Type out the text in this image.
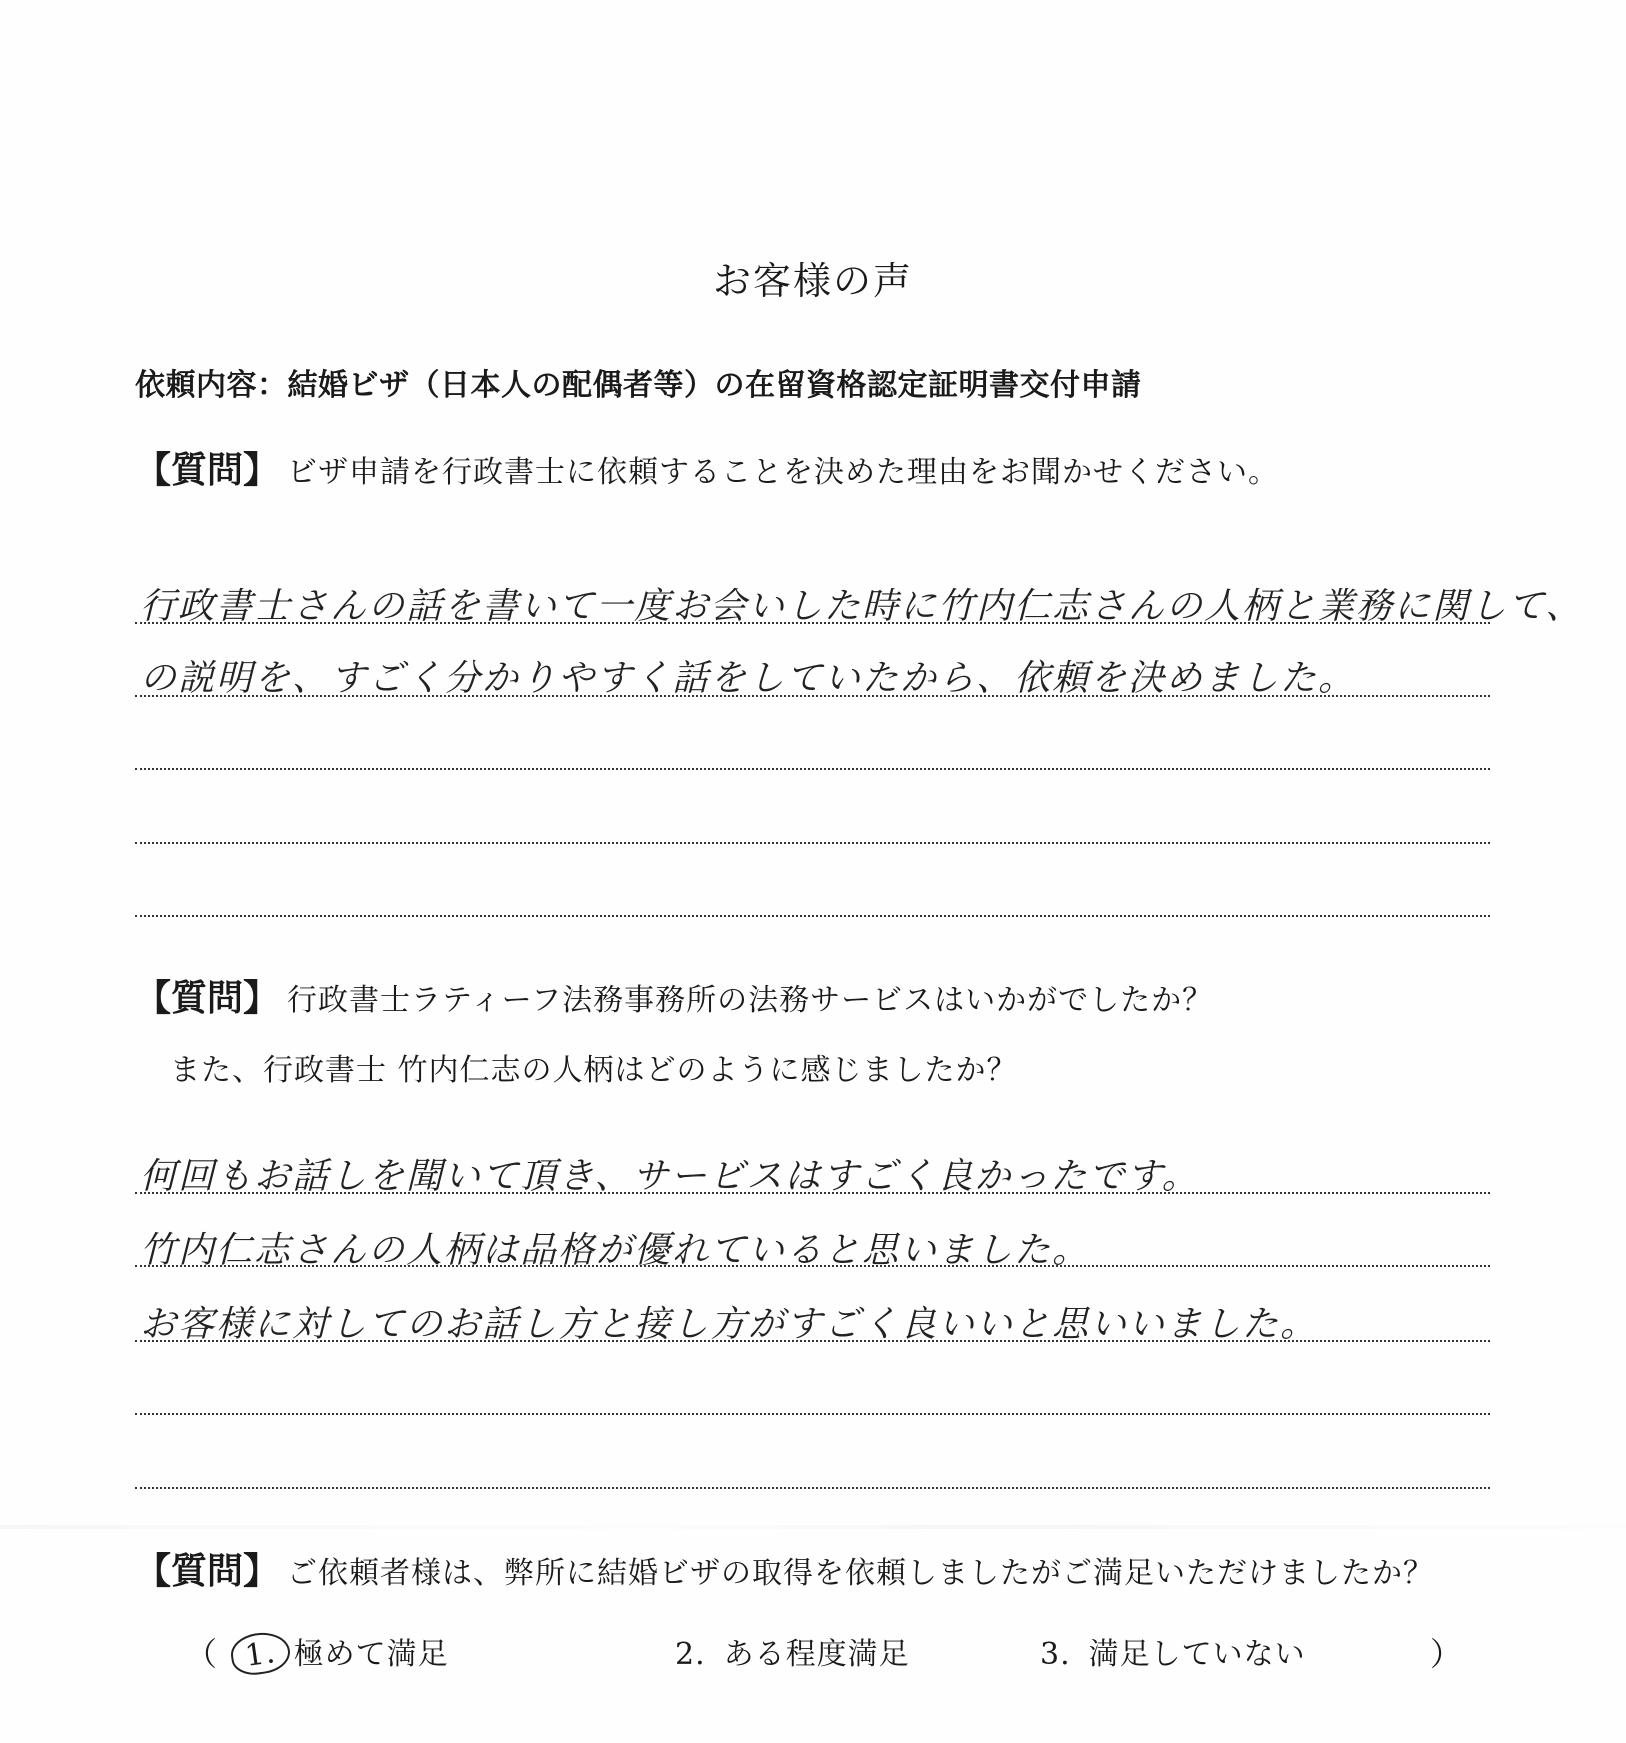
お客様の声
依頼内容：結婚ビザ（日本人の配偶者等）の在留資格認定証明書交付申請
【質問】 ビザ申請を行政書士に依頼することを決めた理由をお聞かせください。
行政書士さんの話を書いて一度お会いした時に竹内仁志さんの人柄と業務に関して、
の説明を、すごく分かりやすく話をしていたから、依頼を決めました。
【質問】 行政書士ラティーフ法務事務所の法務サービスはいかがでしたか？
また、行政書士 竹内仁志の人柄はどのように感じましたか？
何回もお話しを聞いて頂き、サービスはすごく良かったです。
竹内仁志さんの人柄は品格が優れていると思いました。
お客様に対してのお話し方と接し方がすごく良いいと思いいました。
【質問】 ご依頼者様は、弊所に結婚ビザの取得を依頼しましたがご満足いただけましたか？
（ 1. 極めて満足	2. ある程度満足	3. 満足していない	）
